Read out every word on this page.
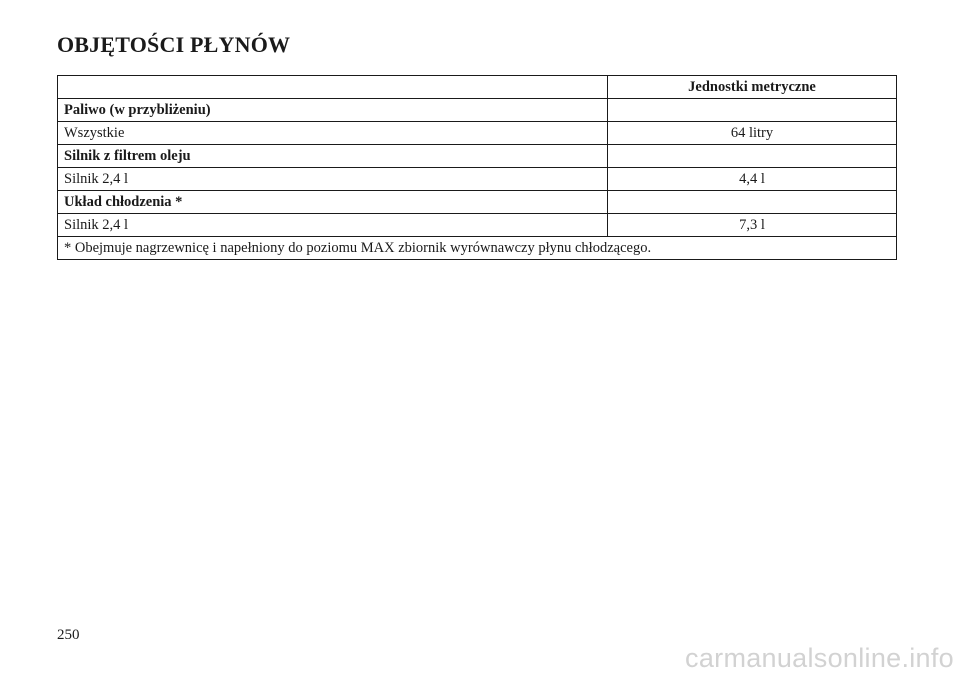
OBJĘTOŚCI PŁYNÓW
	Jednostki metryczne
Paliwo (w przybliżeniu)	
Wszystkie	64 litry
Silnik z filtrem oleju	
Silnik 2,4 l	4,4 l
Układ chłodzenia *	
Silnik 2,4 l	7,3 l
* Obejmuje nagrzewnicę i napełniony do poziomu MAX zbiornik wyrównawczy płynu chłodzącego.	
250
carmanualsonline.info
